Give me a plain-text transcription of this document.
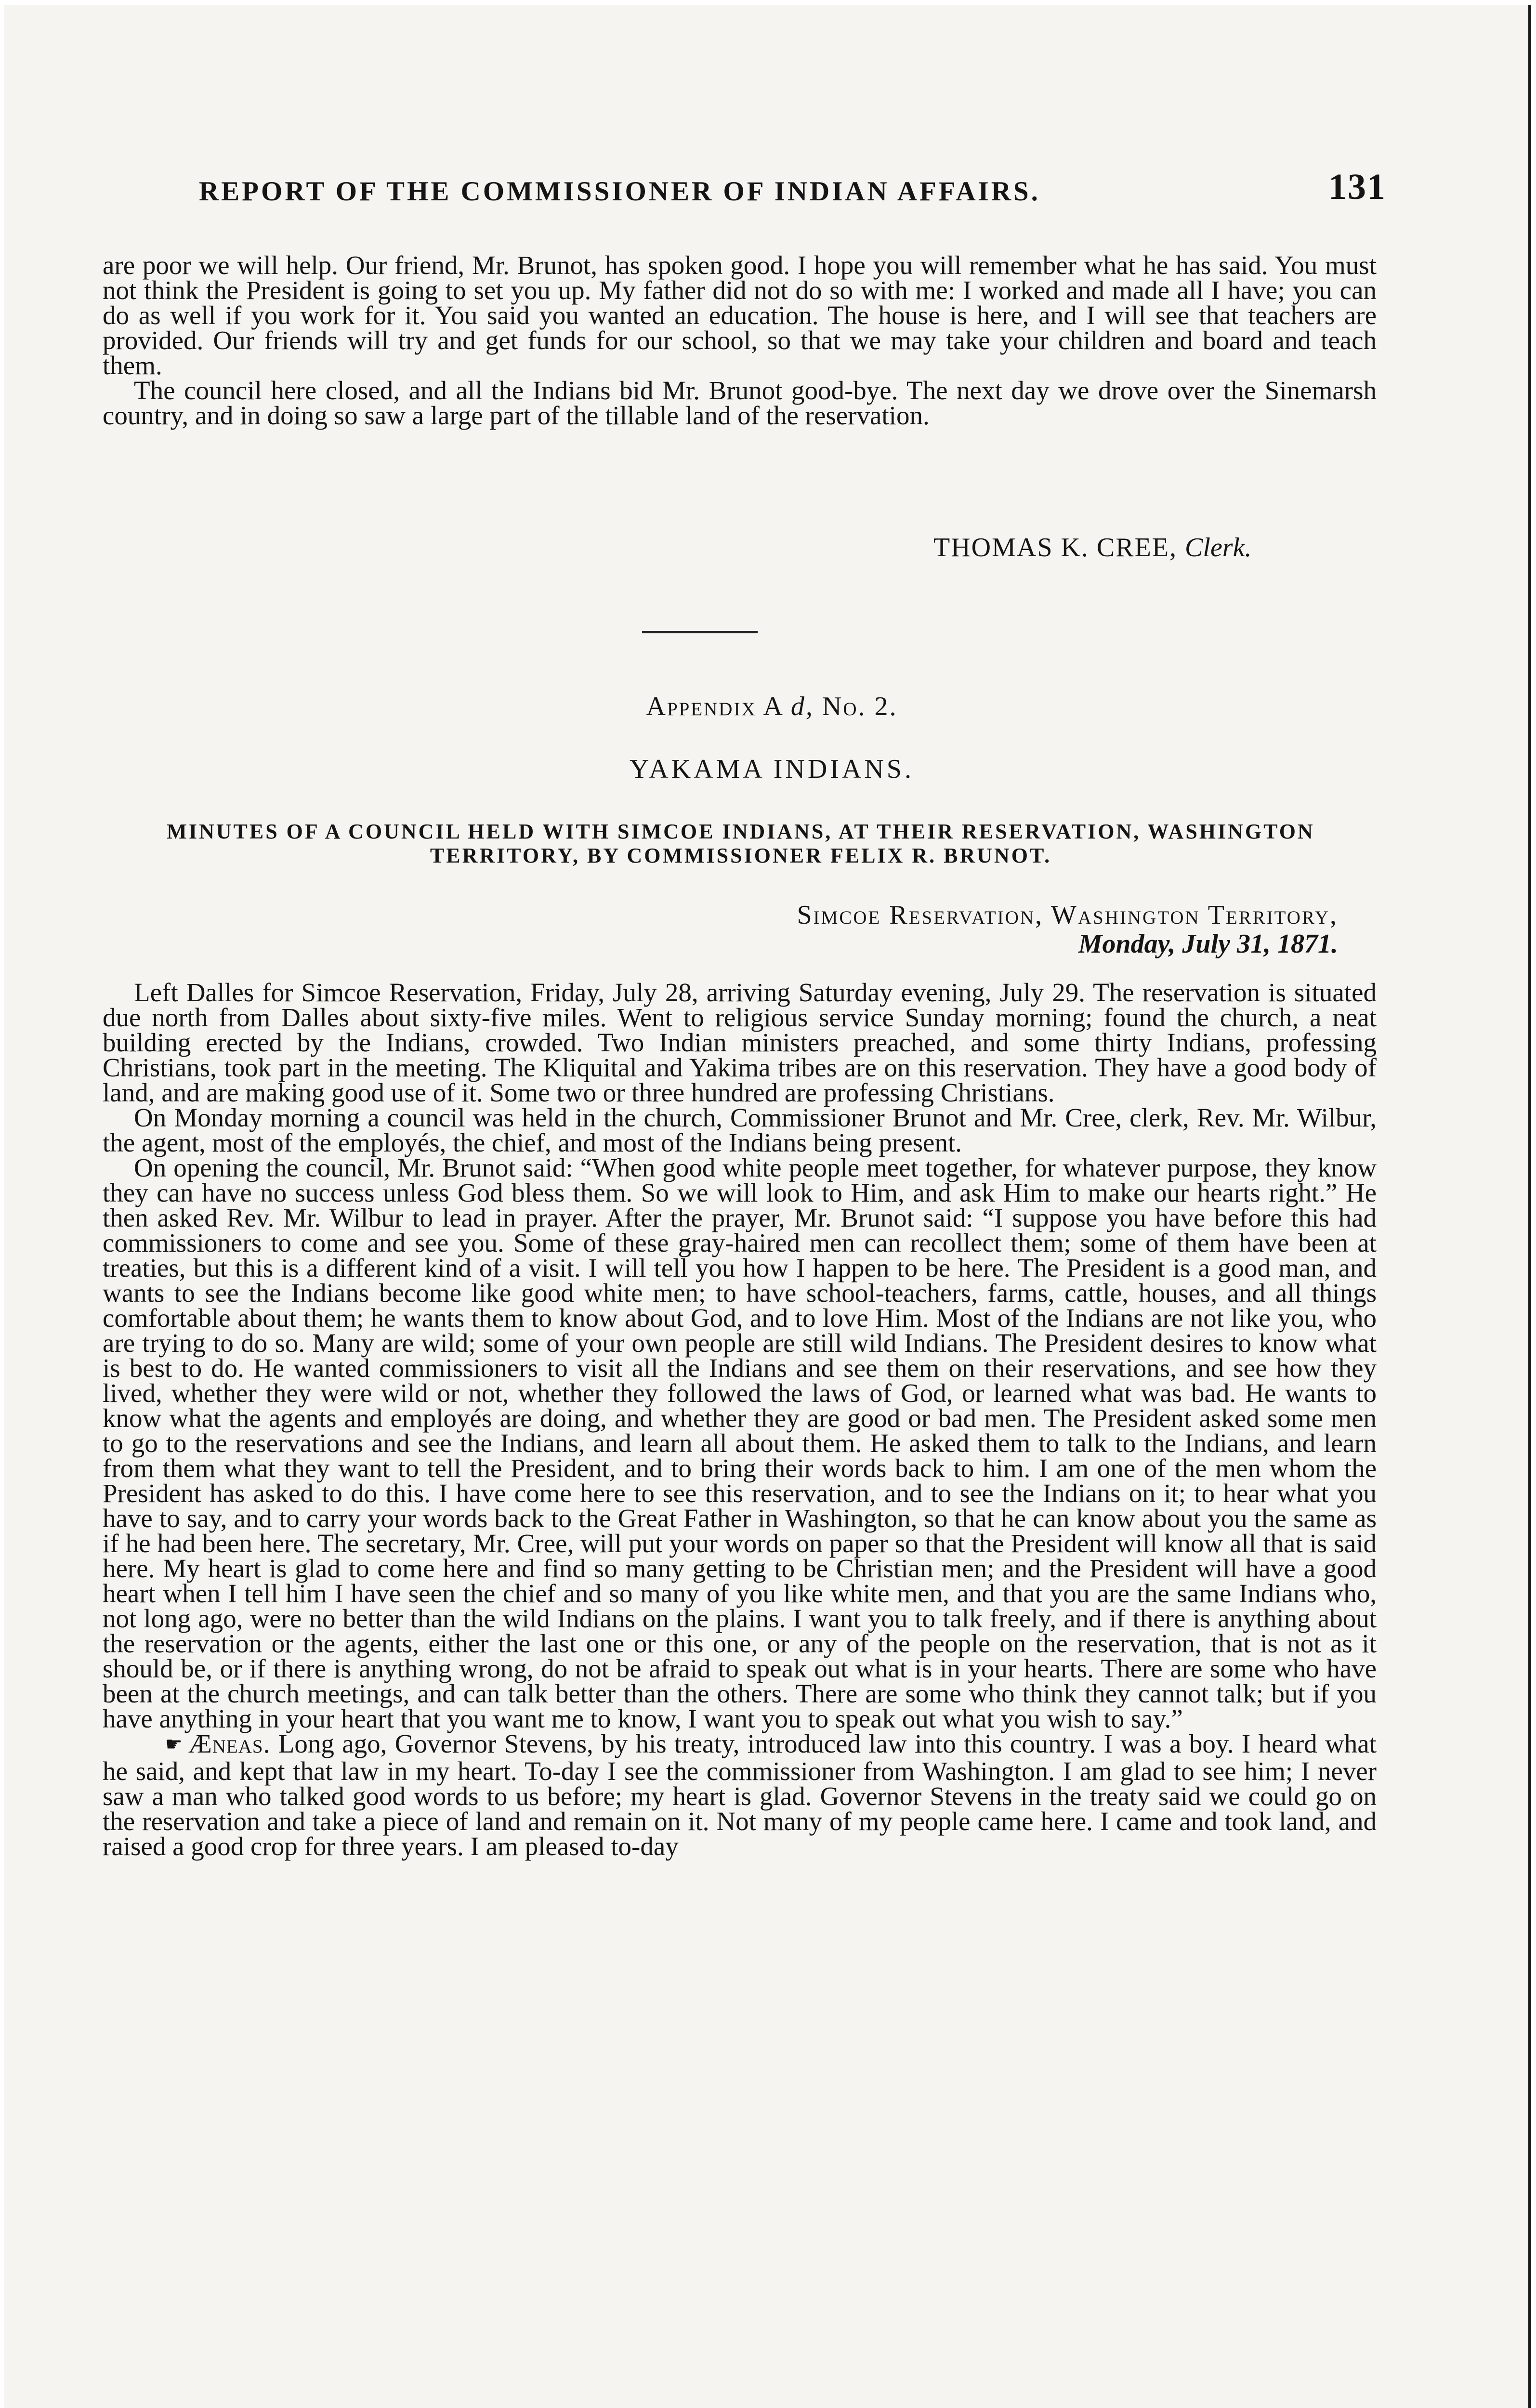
REPORT OF THE COMMISSIONER OF INDIAN AFFAIRS.	131

are poor we will help. Our friend, Mr. Brunot, has spoken good. I hope you will remember what he has said. You must not think the President is going to set you up. My father did not do so with me: I worked and made all I have; you can do as well if you work for it. You said you wanted an education. The house is here, and I will see that teachers are provided. Our friends will try and get funds for our school, so that we may take your children and board and teach them.

The council here closed, and all the Indians bid Mr. Brunot good-bye. The next day we drove over the Sinemarsh country, and in doing so saw a large part of the tillable land of the reservation.

THOMAS K. CREE, Clerk.
Appendix A d, No. 2.
YAKAMA INDIANS.
MINUTES OF A COUNCIL HELD WITH SIMCOE INDIANS, AT THEIR RESERVATION, WASHINGTON TERRITORY, BY COMMISSIONER FELIX R. BRUNOT.
Simcoe Reservation, Washington Territory,
Monday, July 31, 1871.

Left Dalles for Simcoe Reservation, Friday, July 28, arriving Saturday evening, July 29. The reservation is situated due north from Dalles about sixty-five miles. Went to religious service Sunday morning; found the church, a neat building erected by the Indians, crowded. Two Indian ministers preached, and some thirty Indians, professing Christians, took part in the meeting. The Kliquital and Yakima tribes are on this reservation. They have a good body of land, and are making good use of it. Some two or three hundred are professing Christians.

On Monday morning a council was held in the church, Commissioner Brunot and Mr. Cree, clerk, Rev. Mr. Wilbur, the agent, most of the employés, the chief, and most of the Indians being present.

On opening the council, Mr. Brunot said: “When good white people meet together, for whatever purpose, they know they can have no success unless God bless them. So we will look to Him, and ask Him to make our hearts right.” He then asked Rev. Mr. Wilbur to lead in prayer. After the prayer, Mr. Brunot said: “I suppose you have before this had commissioners to come and see you. Some of these gray-haired men can recollect them; some of them have been at treaties, but this is a different kind of a visit. I will tell you how I happen to be here. The President is a good man, and wants to see the Indians become like good white men; to have school-teachers, farms, cattle, houses, and all things comfortable about them; he wants them to know about God, and to love Him. Most of the Indians are not like you, who are trying to do so. Many are wild; some of your own people are still wild Indians. The President desires to know what is best to do. He wanted commissioners to visit all the Indians and see them on their reservations, and see how they lived, whether they were wild or not, whether they followed the laws of God, or learned what was bad. He wants to know what the agents and employés are doing, and whether they are good or bad men. The President asked some men to go to the reservations and see the Indians, and learn all about them. He asked them to talk to the Indians, and learn from them what they want to tell the President, and to bring their words back to him. I am one of the men whom the President has asked to do this. I have come here to see this reservation, and to see the Indians on it; to hear what you have to say, and to carry your words back to the Great Father in Washington, so that he can know about you the same as if he had been here. The secretary, Mr. Cree, will put your words on paper so that the President will know all that is said here. My heart is glad to come here and find so many getting to be Christian men; and the President will have a good heart when I tell him I have seen the chief and so many of you like white men, and that you are the same Indians who, not long ago, were no better than the wild Indians on the plains. I want you to talk freely, and if there is anything about the reservation or the agents, either the last one or this one, or any of the people on the reservation, that is not as it should be, or if there is anything wrong, do not be afraid to speak out what is in your hearts. There are some who have been at the church meetings, and can talk better than the others. There are some who think they cannot talk; but if you have anything in your heart that you want me to know, I want you to speak out what you wish to say.”

☛ Æneas. Long ago, Governor Stevens, by his treaty, introduced law into this country. I was a boy. I heard what he said, and kept that law in my heart. To-day I see the commissioner from Washington. I am glad to see him; I never saw a man who talked good words to us before; my heart is glad. Governor Stevens in the treaty said we could go on the reservation and take a piece of land and remain on it. Not many of my people came here. I came and took land, and raised a good crop for three years. I am pleased to-day
